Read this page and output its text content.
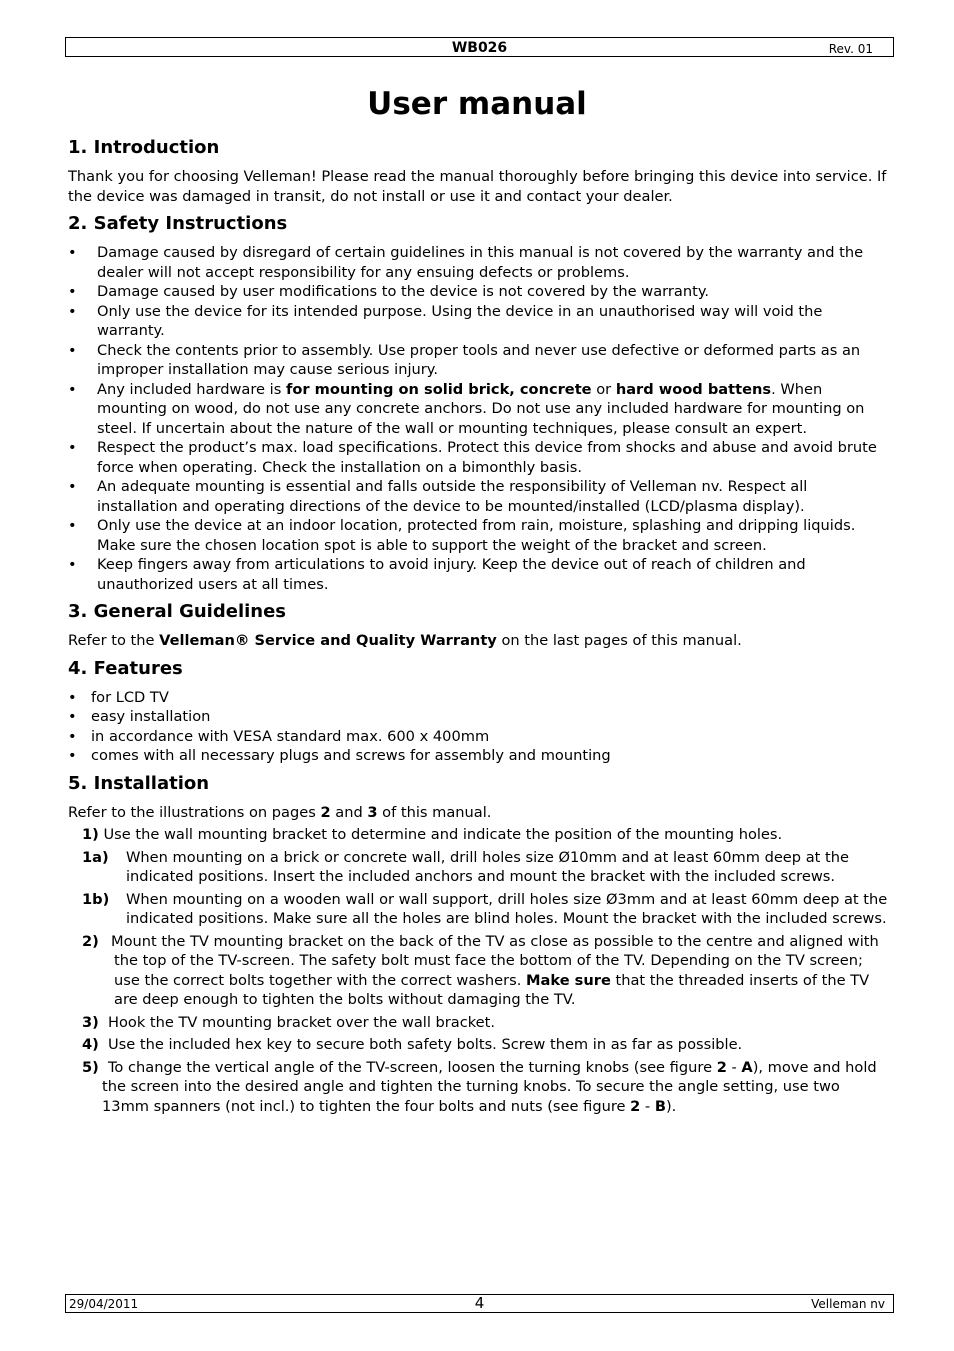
WB026	Rev. 01
User manual
1. Introduction

Thank you for choosing Velleman! Please read the manual thoroughly before bringing this device into service. If the device was damaged in transit, do not install or use it and contact your dealer.

2. Safety Instructions
• Damage caused by disregard of certain guidelines in this manual is not covered by the warranty and the dealer will not accept responsibility for any ensuing defects or problems.
• Damage caused by user modifications to the device is not covered by the warranty.
• Only use the device for its intended purpose. Using the device in an unauthorised way will void the warranty.
• Check the contents prior to assembly. Use proper tools and never use defective or deformed parts as an improper installation may cause serious injury.
• Any included hardware is for mounting on solid brick, concrete or hard wood battens. When mounting on wood, do not use any concrete anchors. Do not use any included hardware for mounting on steel. If uncertain about the nature of the wall or mounting techniques, please consult an expert.
• Respect the product’s max. load specifications. Protect this device from shocks and abuse and avoid brute force when operating. Check the installation on a bimonthly basis.
• An adequate mounting is essential and falls outside the responsibility of Velleman nv. Respect all installation and operating directions of the device to be mounted/installed (LCD/plasma display).
• Only use the device at an indoor location, protected from rain, moisture, splashing and dripping liquids. Make sure the chosen location spot is able to support the weight of the bracket and screen.
• Keep fingers away from articulations to avoid injury. Keep the device out of reach of children and unauthorized users at all times.
3. General Guidelines

Refer to the Velleman® Service and Quality Warranty on the last pages of this manual.

4. Features
• for LCD TV
• easy installation
• in accordance with VESA standard max. 600 x 400mm
• comes with all necessary plugs and screws for assembly and mounting
5. Installation

Refer to the illustrations on pages 2 and 3 of this manual.

1) Use the wall mounting bracket to determine and indicate the position of the mounting holes.
1a) When mounting on a brick or concrete wall, drill holes size Ø10mm and at least 60mm deep at the indicated positions. Insert the included anchors and mount the bracket with the included screws.
1b) When mounting on a wooden wall or wall support, drill holes size Ø3mm and at least 60mm deep at the indicated positions. Make sure all the holes are blind holes. Mount the bracket with the included screws.
2) Mount the TV mounting bracket on the back of the TV as close as possible to the centre and aligned with the top of the TV-screen. The safety bolt must face the bottom of the TV. Depending on the TV screen; use the correct bolts together with the correct washers. Make sure that the threaded inserts of the TV are deep enough to tighten the bolts without damaging the TV.
3) Hook the TV mounting bracket over the wall bracket.
4) Use the included hex key to secure both safety bolts. Screw them in as far as possible.
5) To change the vertical angle of the TV-screen, loosen the turning knobs (see figure 2 - A), move and hold the screen into the desired angle and tighten the turning knobs. To secure the angle setting, use two 13mm spanners (not incl.) to tighten the four bolts and nuts (see figure 2 - B).
29/04/2011	4	Velleman nv
